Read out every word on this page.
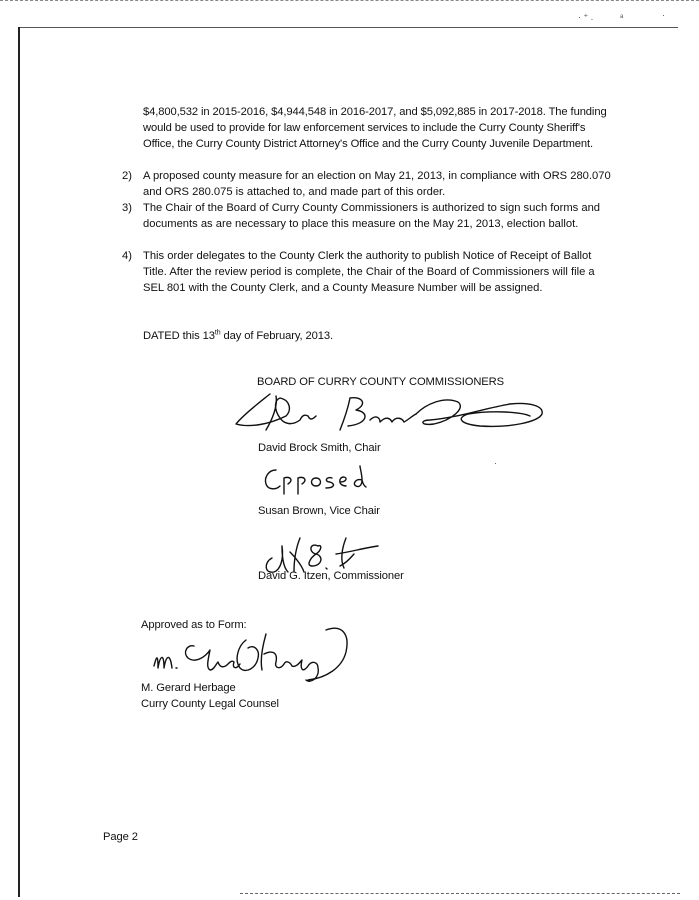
· ⁺ .	ᵃ	·
·
$4,800,532 in 2015-2016, $4,944,548 in 2016-2017, and $5,092,885 in 2017-2018. The funding would be used to provide for law enforcement services to include the Curry County Sheriff's Office, the Curry County District Attorney's Office and the Curry County Juvenile Department.
2) A proposed county measure for an election on May 21, 2013, in compliance with ORS 280.070 and ORS 280.075 is attached to, and made part of this order.
3) The Chair of the Board of Curry County Commissioners is authorized to sign such forms and documents as are necessary to place this measure on the May 21, 2013, election ballot.
4) This order delegates to the County Clerk the authority to publish Notice of Receipt of Ballot Title. After the review period is complete, the Chair of the Board of Commissioners will file a SEL 801 with the County Clerk, and a County Measure Number will be assigned.
DATED this 13th day of February, 2013.
BOARD OF CURRY COUNTY COMMISSIONERS
David Brock Smith, Chair
Susan Brown, Vice Chair
David G. Itzen, Commissioner
Approved as to Form:
M. Gerard Herbage
Curry County Legal Counsel
Page 2
